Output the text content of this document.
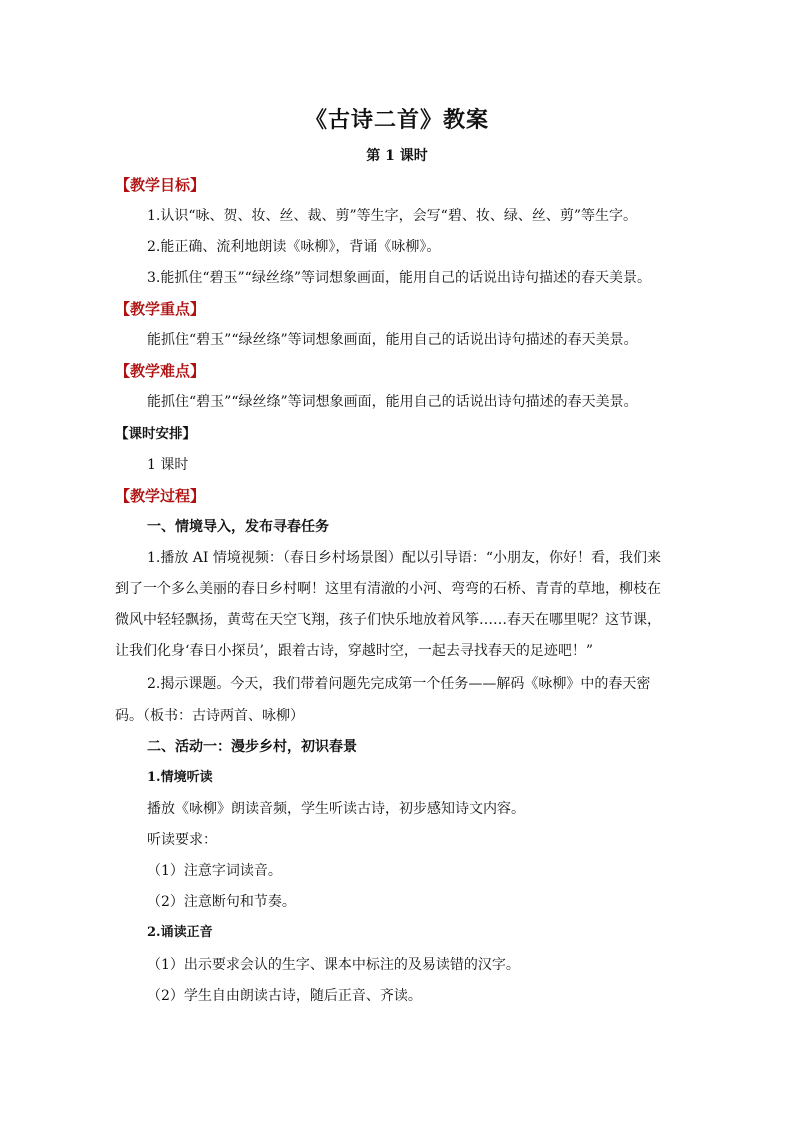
《古诗二首》教案
第 1 课时
【教学目标】
1.认识“咏、贺、妆、丝、裁、剪”等生字，会写“碧、妆、绿、丝、剪”等生字。
2.能正确、流利地朗读《咏柳》，背诵《咏柳》。
3.能抓住“碧玉”“绿丝绦”等词想象画面，能用自己的话说出诗句描述的春天美景。
【教学重点】
能抓住“碧玉”“绿丝绦”等词想象画面，能用自己的话说出诗句描述的春天美景。
【教学难点】
能抓住“碧玉”“绿丝绦”等词想象画面，能用自己的话说出诗句描述的春天美景。
【课时安排】
1 课时
【教学过程】
一、情境导入，发布寻春任务
1.播放 AI 情境视频：（春日乡村场景图）配以引导语：“小朋友，你好！看，我们来
到了一个多么美丽的春日乡村啊！这里有清澈的小河、弯弯的石桥、青青的草地，柳枝在
微风中轻轻飘扬，黄莺在天空飞翔，孩子们快乐地放着风筝……春天在哪里呢？这节课，
让我们化身‘春日小探员’，跟着古诗，穿越时空，一起去寻找春天的足迹吧！”
2.揭示课题。今天，我们带着问题先完成第一个任务——解码《咏柳》中的春天密
码。（板书：古诗两首、咏柳）
二、活动一：漫步乡村，初识春景
1.情境听读
播放《咏柳》朗读音频，学生听读古诗，初步感知诗文内容。
听读要求：
（1）注意字词读音。
（2）注意断句和节奏。
2.诵读正音
（1）出示要求会认的生字、课本中标注的及易读错的汉字。
（2）学生自由朗读古诗，随后正音、齐读。
